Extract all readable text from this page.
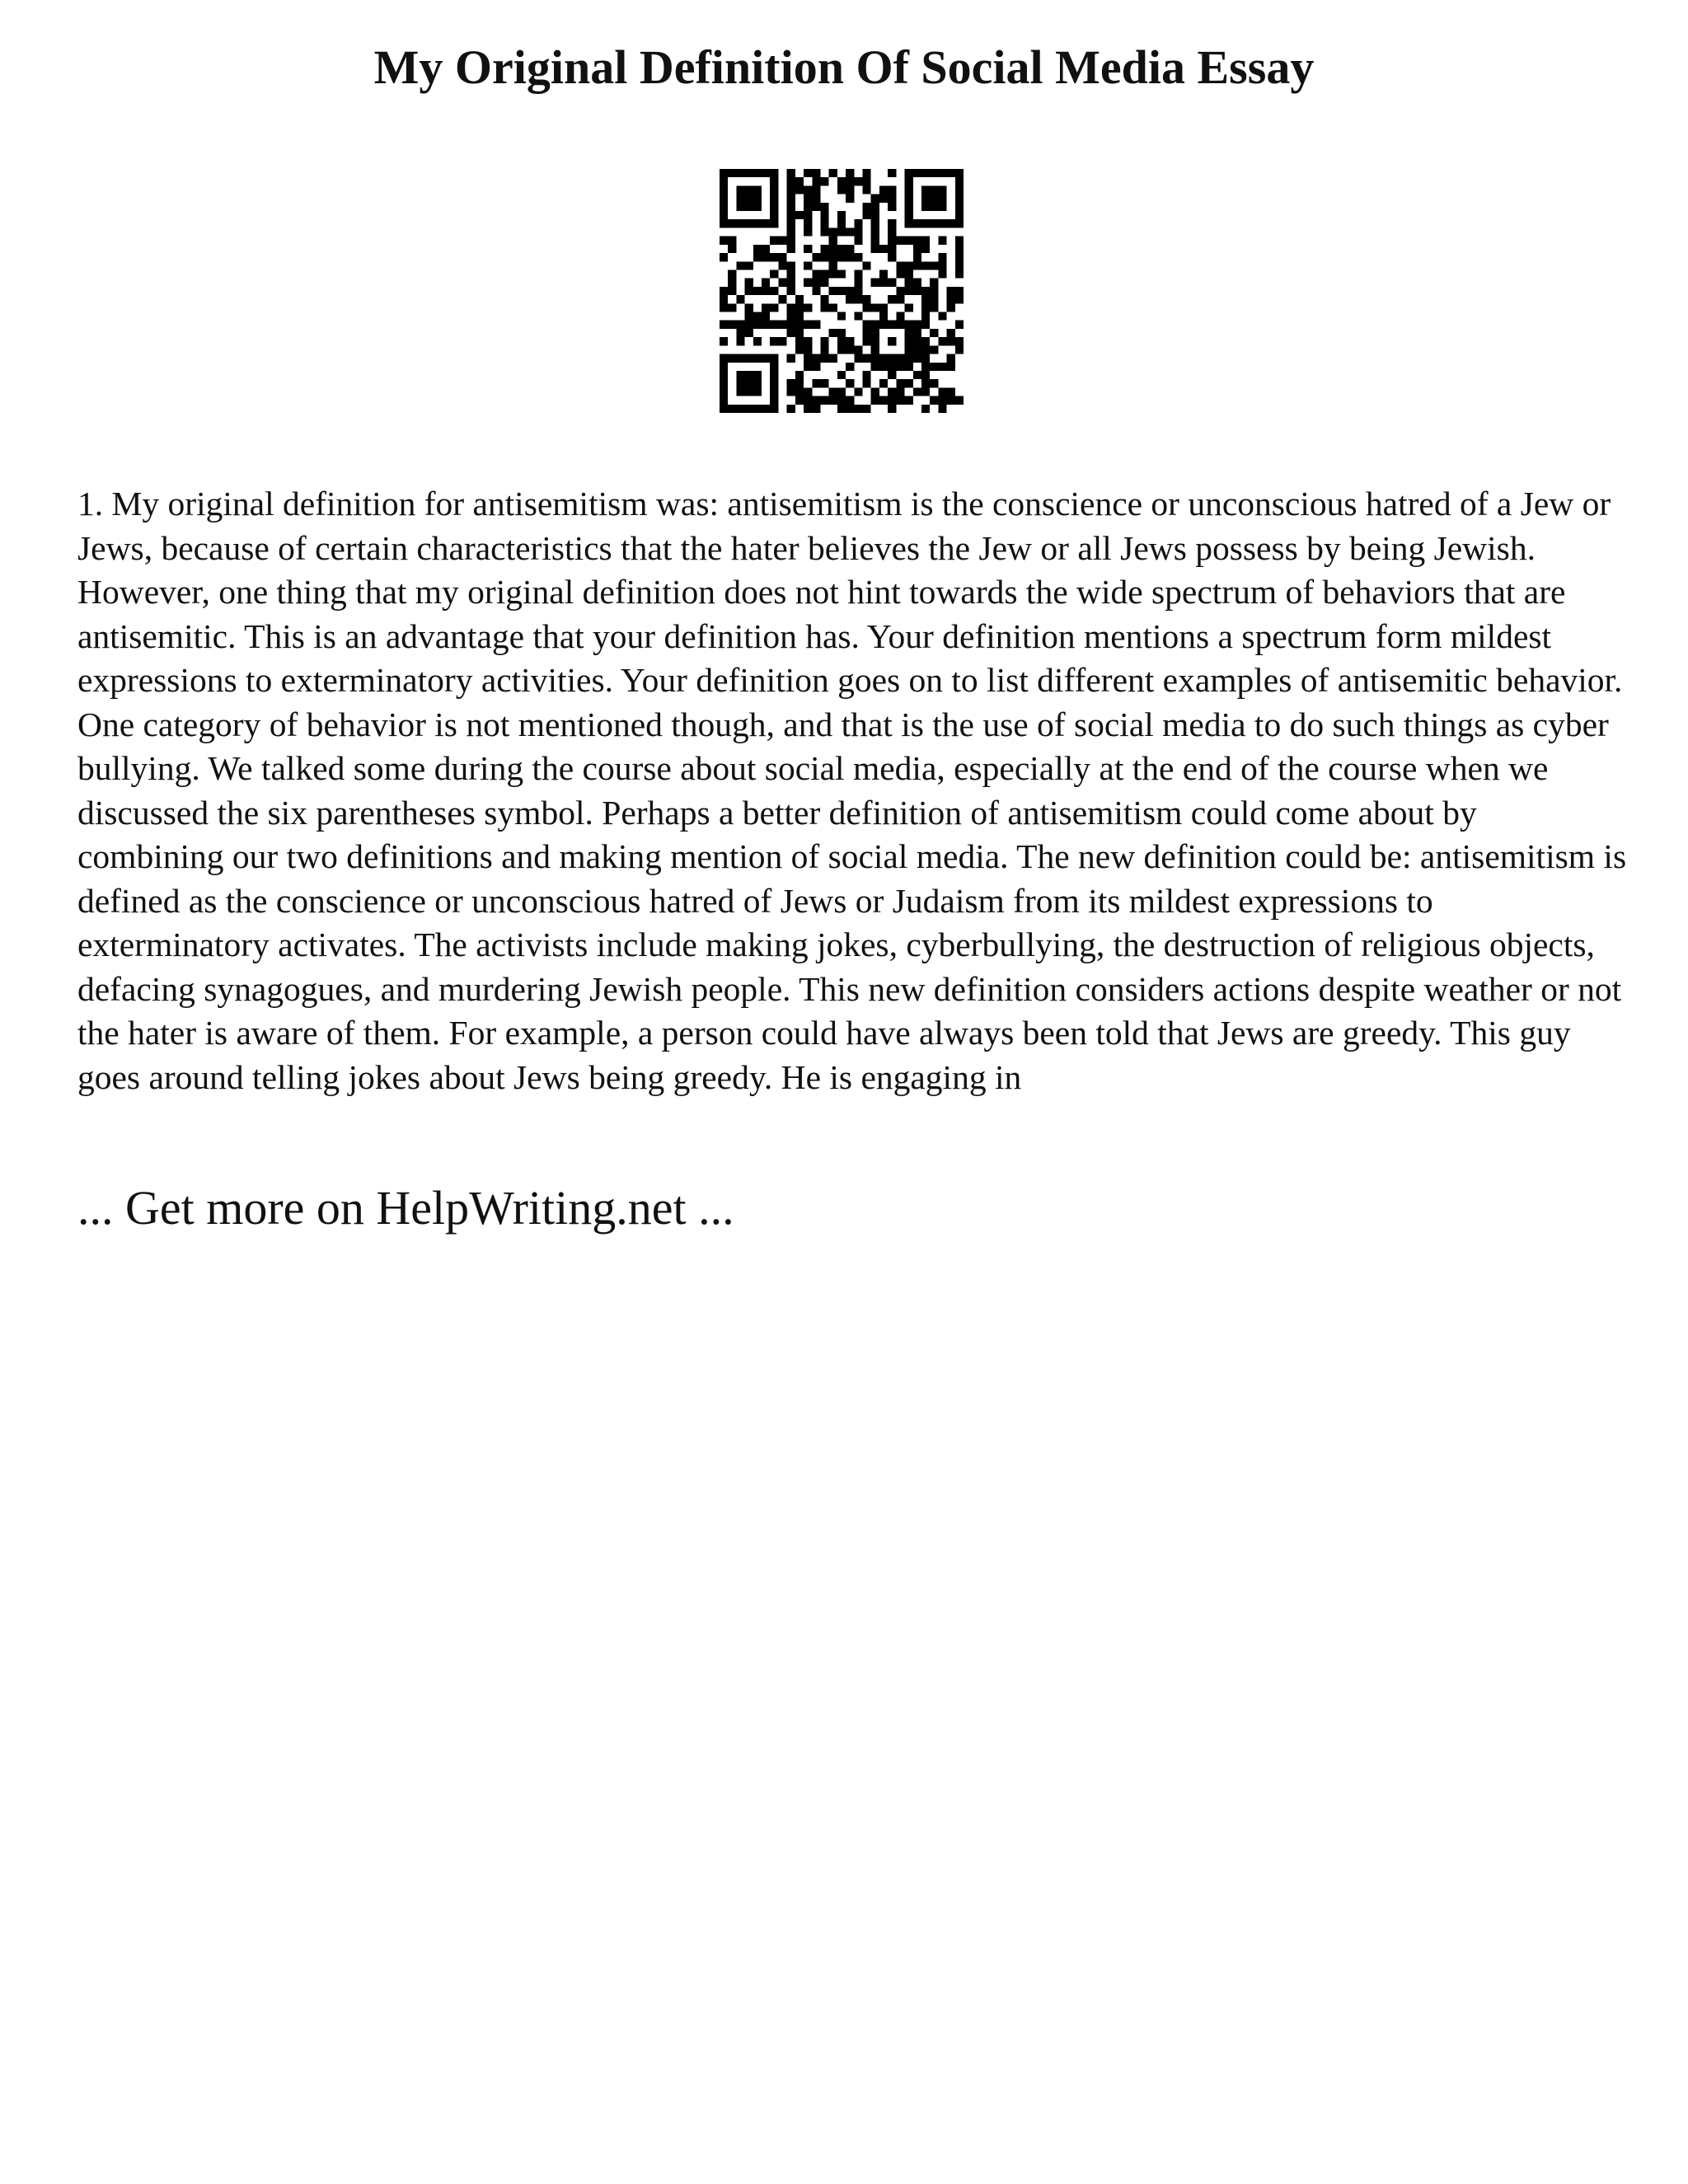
My Original Definition Of Social Media Essay

1. My original definition for antisemitism was: antisemitism is the conscience or unconscious hatred of a Jew or Jews, because of certain characteristics that the hater believes the Jew or all Jews possess by being Jewish. However, one thing that my original definition does not hint towards the wide spectrum of behaviors that are antisemitic. This is an advantage that your definition has. Your definition mentions a spectrum form mildest expressions to exterminatory activities. Your definition goes on to list different examples of antisemitic behavior. One category of behavior is not mentioned though, and that is the use of social media to do such things as cyber bullying. We talked some during the course about social media, especially at the end of the course when we discussed the six parentheses symbol. Perhaps a better definition of antisemitism could come about by combining our two definitions and making mention of social media. The new definition could be: antisemitism is defined as the conscience or unconscious hatred of Jews or Judaism from its mildest expressions to exterminatory activates. The activists include making jokes, cyberbullying, the destruction of religious objects, defacing synagogues, and murdering Jewish people. This new definition considers actions despite weather or not the hater is aware of them. For example, a person could have always been told that Jews are greedy. This guy goes around telling jokes about Jews being greedy. He is engaging in

... Get more on HelpWriting.net ...
